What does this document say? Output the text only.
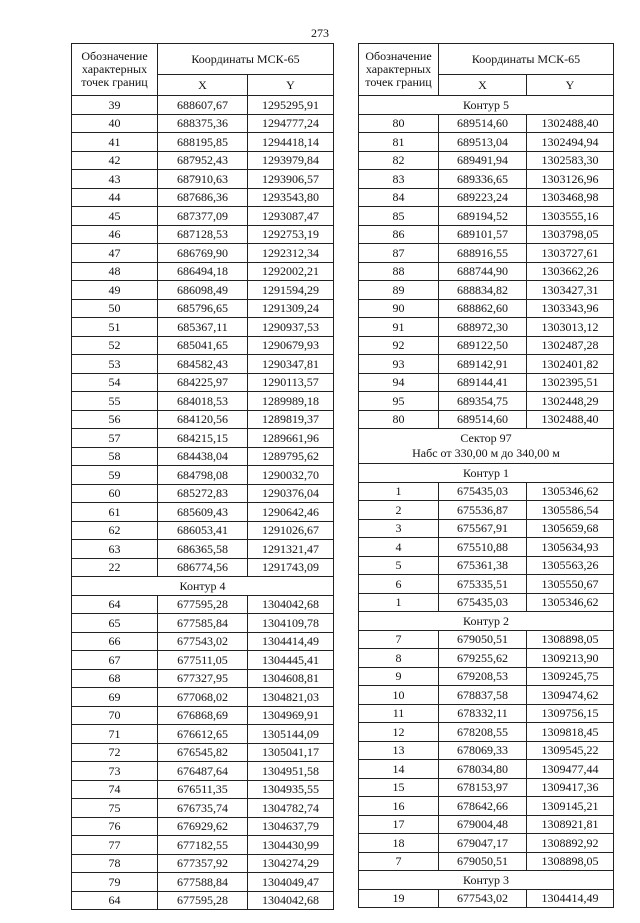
273
Обозначение характерных точек границ	Координаты МСК-65	
	X	Y
39	688607,67	1295295,91
40	688375,36	1294777,24
41	688195,85	1294418,14
42	687952,43	1293979,84
43	687910,63	1293906,57
44	687686,36	1293543,80
45	687377,09	1293087,47
46	687128,53	1292753,19
47	686769,90	1292312,34
48	686494,18	1292002,21
49	686098,49	1291594,29
50	685796,65	1291309,24
51	685367,11	1290937,53
52	685041,65	1290679,93
53	684582,43	1290347,81
54	684225,97	1290113,57
55	684018,53	1289989,18
56	684120,56	1289819,37
57	684215,15	1289661,96
58	684438,04	1289795,62
59	684798,08	1290032,70
60	685272,83	1290376,04
61	685609,43	1290642,46
62	686053,41	1291026,67
63	686365,58	1291321,47
22	686774,56	1291743,09
Контур 4		
64	677595,28	1304042,68
65	677585,84	1304109,78
66	677543,02	1304414,49
67	677511,05	1304445,41
68	677327,95	1304608,81
69	677068,02	1304821,03
70	676868,69	1304969,91
71	676612,65	1305144,09
72	676545,82	1305041,17
73	676487,64	1304951,58
74	676511,35	1304935,55
75	676735,74	1304782,74
76	676929,62	1304637,79
77	677182,55	1304430,99
78	677357,92	1304274,29
79	677588,84	1304049,47
64	677595,28	1304042,68
Обозначение характерных точек границ	Координаты МСК-65	
	X	Y
Контур 5		
80	689514,60	1302488,40
81	689513,04	1302494,94
82	689491,94	1302583,30
83	689336,65	1303126,96
84	689223,24	1303468,98
85	689194,52	1303555,16
86	689101,57	1303798,05
87	688916,55	1303727,61
88	688744,90	1303662,26
89	688834,82	1303427,31
90	688862,60	1303343,96
91	688972,30	1303013,12
92	689122,50	1302487,28
93	689142,91	1302401,82
94	689144,41	1302395,51
95	689354,75	1302448,29
80	689514,60	1302488,40

Сектор 97
Набс от 330,00 м до 340,00 м		

Контур 1		
1	675435,03	1305346,62
2	675536,87	1305586,54
3	675567,91	1305659,68
4	675510,88	1305634,93
5	675361,38	1305563,26
6	675335,51	1305550,67
1	675435,03	1305346,62
Контур 2		
7	679050,51	1308898,05
8	679255,62	1309213,90
9	679208,53	1309245,75
10	678837,58	1309474,62
11	678332,11	1309756,15
12	678208,55	1309818,45
13	678069,33	1309545,22
14	678034,80	1309477,44
15	678153,97	1309417,36
16	678642,66	1309145,21
17	679004,48	1308921,81
18	679047,17	1308892,92
7	679050,51	1308898,05
Контур 3		
19	677543,02	1304414,49
